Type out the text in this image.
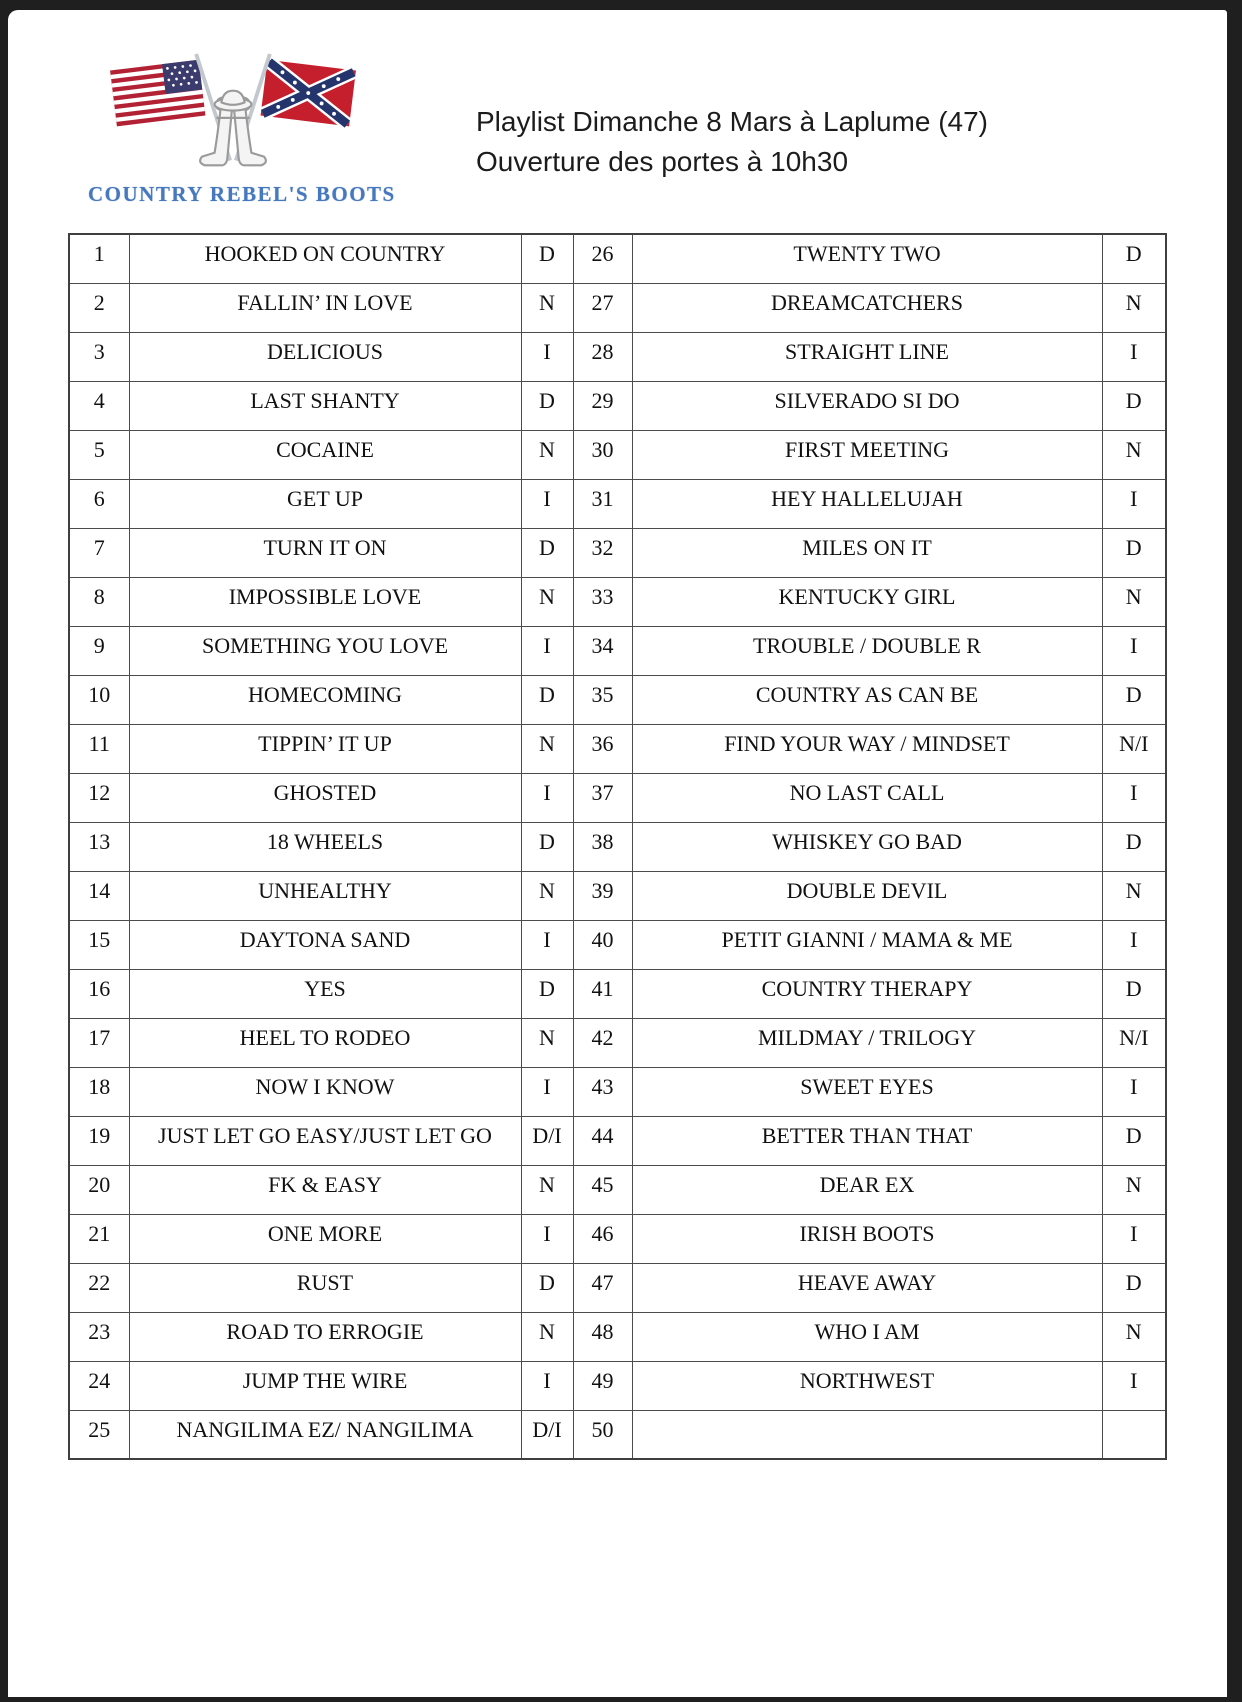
COUNTRY REBEL'S BOOTS
Playlist Dimanche 8 Mars à Laplume (47)
Ouverture des portes à 10h30
1	HOOKED ON COUNTRY	D	26	TWENTY TWO	D
2	FALLIN’ IN LOVE	N	27	DREAMCATCHERS	N
3	DELICIOUS	I	28	STRAIGHT LINE	I
4	LAST SHANTY	D	29	SILVERADO SI DO	D
5	COCAINE	N	30	FIRST MEETING	N
6	GET UP	I	31	HEY HALLELUJAH	I
7	TURN IT ON	D	32	MILES ON IT	D
8	IMPOSSIBLE LOVE	N	33	KENTUCKY GIRL	N
9	SOMETHING YOU LOVE	I	34	TROUBLE / DOUBLE R	I
10	HOMECOMING	D	35	COUNTRY AS CAN BE	D
11	TIPPIN’ IT UP	N	36	FIND YOUR WAY / MINDSET	N/I
12	GHOSTED	I	37	NO LAST CALL	I
13	18 WHEELS	D	38	WHISKEY GO BAD	D
14	UNHEALTHY	N	39	DOUBLE DEVIL	N
15	DAYTONA SAND	I	40	PETIT GIANNI / MAMA & ME	I
16	YES	D	41	COUNTRY THERAPY	D
17	HEEL TO RODEO	N	42	MILDMAY / TRILOGY	N/I
18	NOW I KNOW	I	43	SWEET EYES	I
19	JUST LET GO EASY/JUST LET GO	D/I	44	BETTER THAN THAT	D
20	FK & EASY	N	45	DEAR EX	N
21	ONE MORE	I	46	IRISH BOOTS	I
22	RUST	D	47	HEAVE AWAY	D
23	ROAD TO ERROGIE	N	48	WHO I AM	N
24	JUMP THE WIRE	I	49	NORTHWEST	I
25	NANGILIMA EZ/ NANGILIMA	D/I	50		
